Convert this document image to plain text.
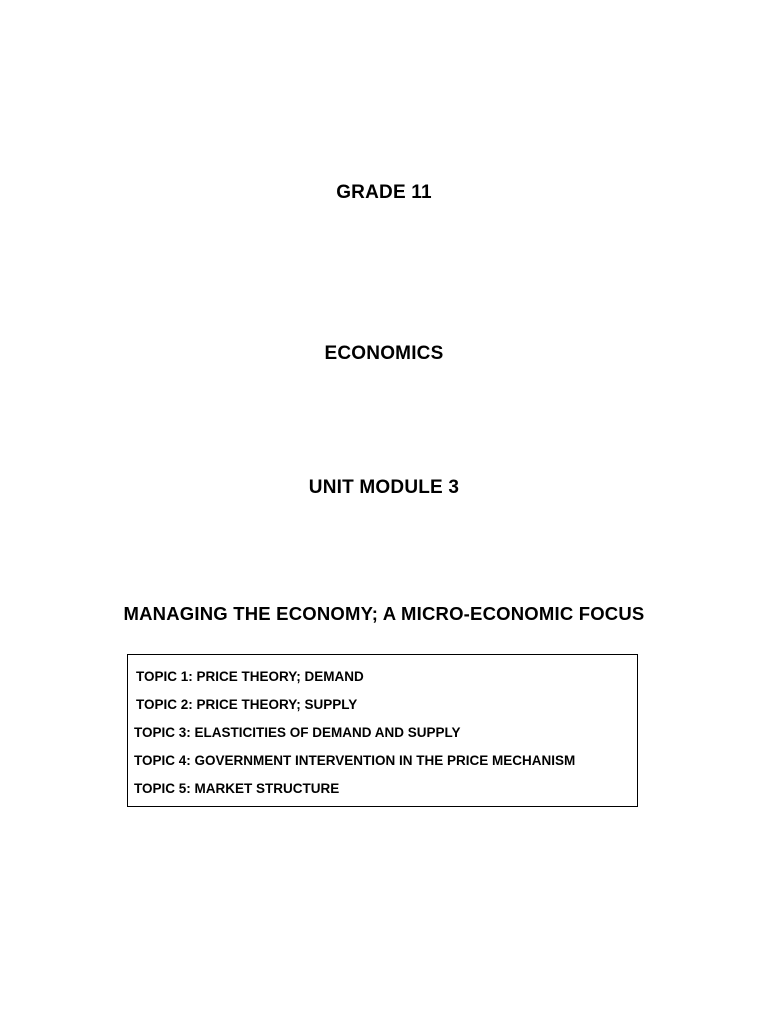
GRADE 11
ECONOMICS
UNIT MODULE 3
MANAGING THE ECONOMY; A MICRO-ECONOMIC FOCUS
TOPIC 1: PRICE THEORY; DEMAND
TOPIC 2: PRICE THEORY; SUPPLY
TOPIC 3: ELASTICITIES OF DEMAND AND SUPPLY
TOPIC 4: GOVERNMENT INTERVENTION IN THE PRICE MECHANISM
TOPIC 5: MARKET STRUCTURE
